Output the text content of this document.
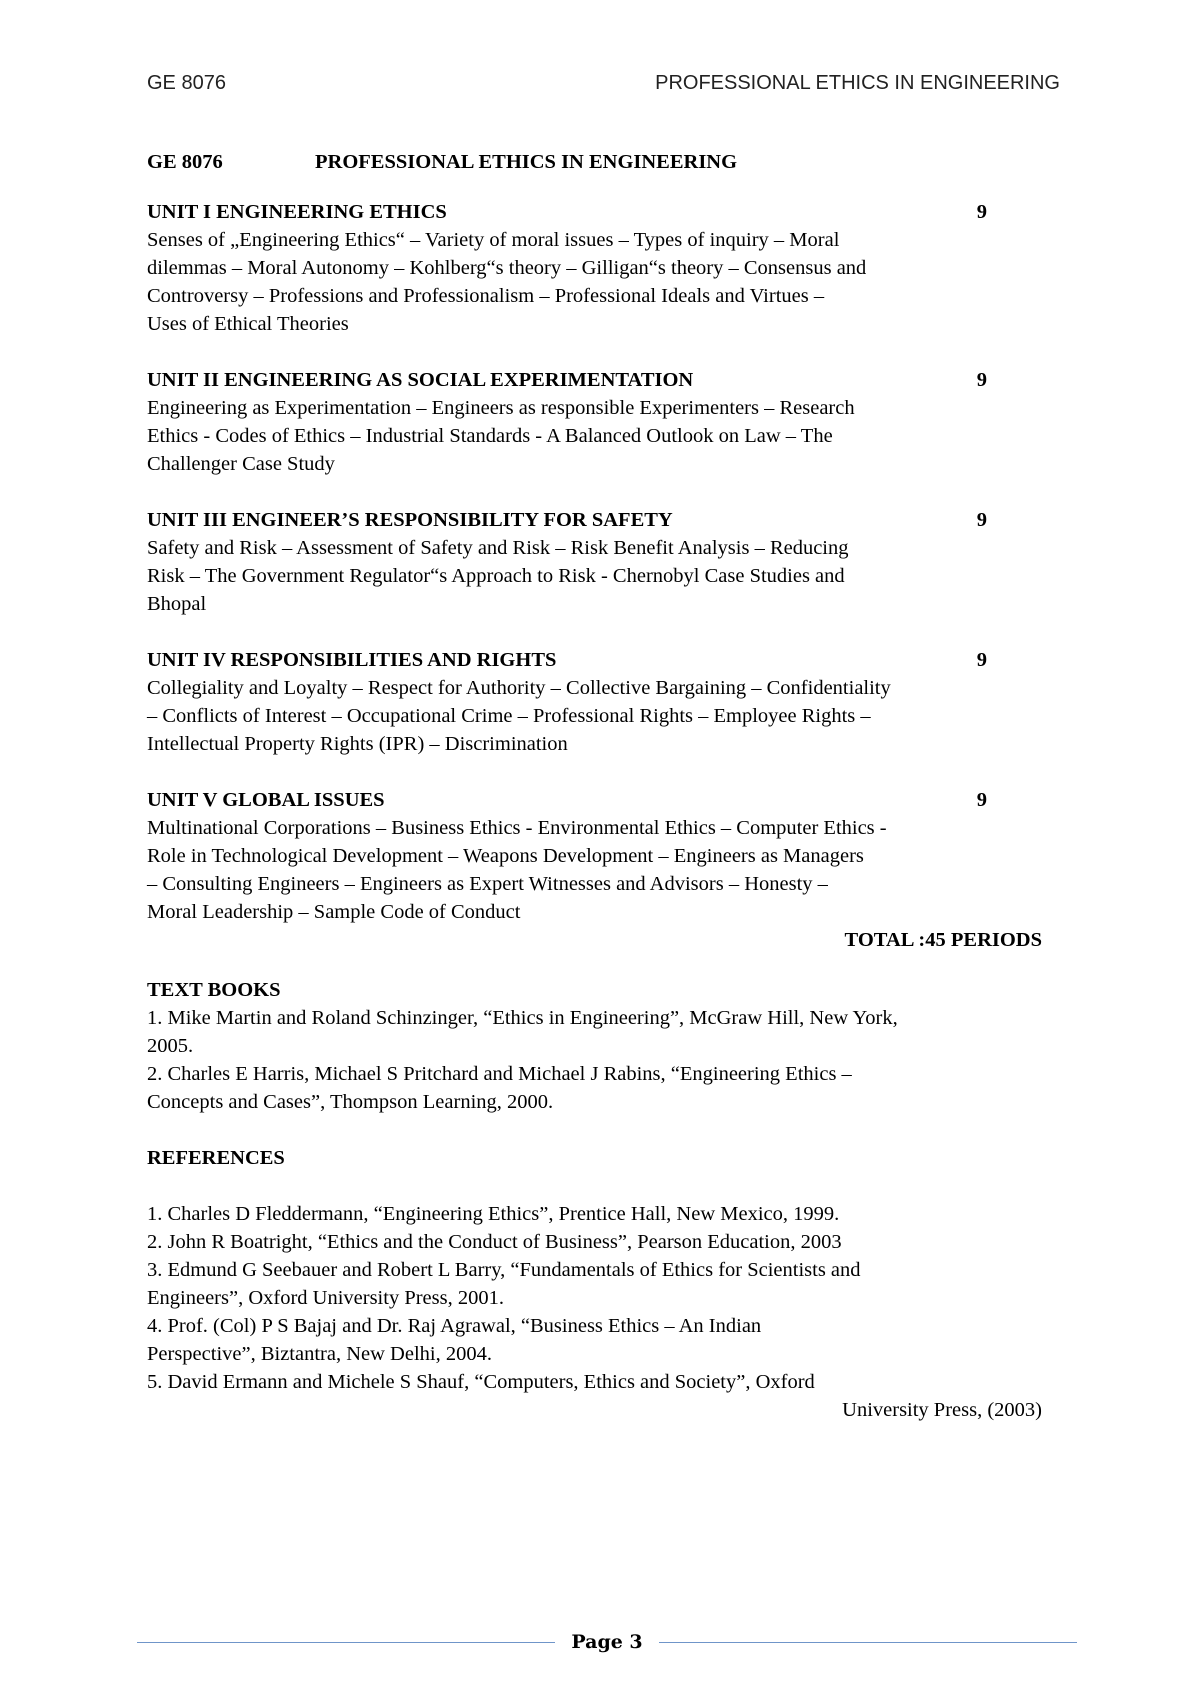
GE 8076	PROFESSIONAL ETHICS IN ENGINEERING
GE 8076	PROFESSIONAL ETHICS IN ENGINEERING
UNIT I ENGINEERING ETHICS	9
Senses of „Engineering Ethics“ – Variety of moral issues – Types of inquiry – Moral
dilemmas – Moral Autonomy – Kohlberg“s theory – Gilligan“s theory – Consensus and
Controversy – Professions and Professionalism – Professional Ideals and Virtues –
Uses of Ethical Theories
UNIT II ENGINEERING AS SOCIAL EXPERIMENTATION	9
Engineering as Experimentation – Engineers as responsible Experimenters – Research
Ethics - Codes of Ethics – Industrial Standards - A Balanced Outlook on Law – The
Challenger Case Study
UNIT III ENGINEER’S RESPONSIBILITY FOR SAFETY	9
Safety and Risk – Assessment of Safety and Risk – Risk Benefit Analysis – Reducing
Risk – The Government Regulator“s Approach to Risk - Chernobyl Case Studies and
Bhopal
UNIT IV RESPONSIBILITIES AND RIGHTS	9
Collegiality and Loyalty – Respect for Authority – Collective Bargaining – Confidentiality
– Conflicts of Interest – Occupational Crime – Professional Rights – Employee Rights –
Intellectual Property Rights (IPR) – Discrimination
UNIT V GLOBAL ISSUES	9
Multinational Corporations – Business Ethics - Environmental Ethics – Computer Ethics -
Role in Technological Development – Weapons Development – Engineers as Managers
– Consulting Engineers – Engineers as Expert Witnesses and Advisors – Honesty –
Moral Leadership – Sample Code of Conduct
TOTAL :45 PERIODS
TEXT BOOKS
1. Mike Martin and Roland Schinzinger, “Ethics in Engineering”, McGraw Hill, New York,
2005.
2. Charles E Harris, Michael S Pritchard and Michael J Rabins, “Engineering Ethics –
Concepts and Cases”, Thompson Learning, 2000.
REFERENCES
1. Charles D Fleddermann, “Engineering Ethics”, Prentice Hall, New Mexico, 1999.
2. John R Boatright, “Ethics and the Conduct of Business”, Pearson Education, 2003
3. Edmund G Seebauer and Robert L Barry, “Fundamentals of Ethics for Scientists and
Engineers”, Oxford University Press, 2001.
4. Prof. (Col) P S Bajaj and Dr. Raj Agrawal, “Business Ethics – An Indian
Perspective”, Biztantra, New Delhi, 2004.
5. David Ermann and Michele S Shauf, “Computers, Ethics and Society”, Oxford
University Press, (2003)
Page 3
